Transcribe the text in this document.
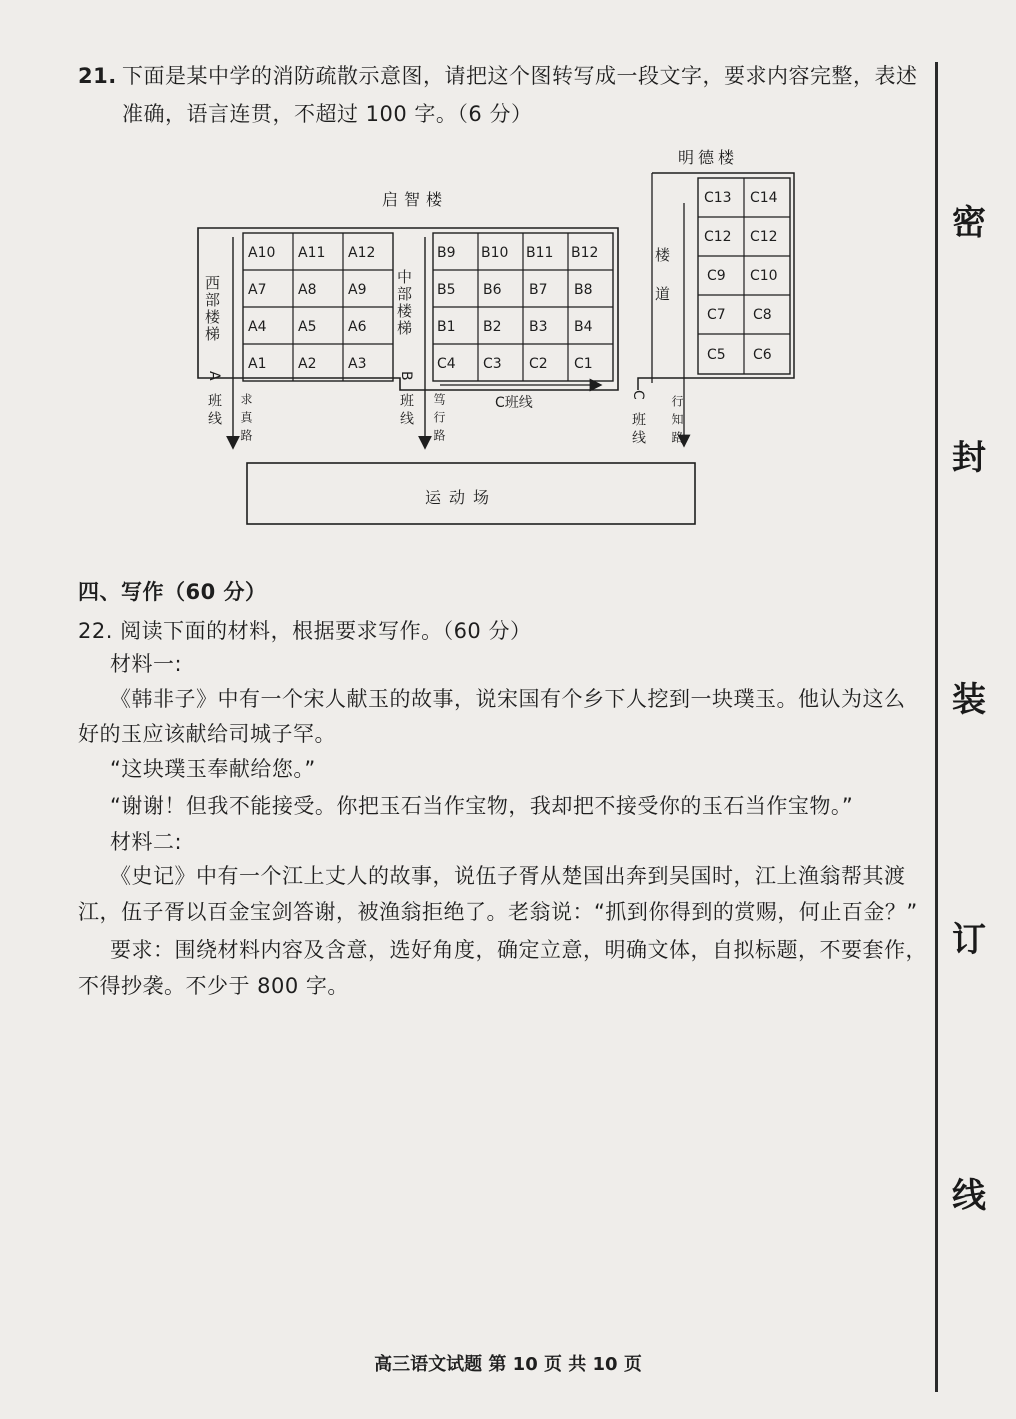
21. 下面是某中学的消防疏散示意图，请把这个图转写成一段文字，要求内容完整，表述
准确，语言连贯，不超过 100 字。（6 分）
启智楼
明德楼
西部楼梯	中部楼梯
A 班线	B 班线
求真路	笃行路	行知路
A10 A11 A12
A7 A8 A9
A4 A5 A6
A1 A2 A3
B9 B10 B11 B12
B5 B6 B7 B8
B1 B2 B3 B4
C4 C3 C2 C1
C班线
楼道
C13 C14
C12 C12
C9 C10
C7 C8
C5 C6
C 班线
运动场
四、写作（60 分）
22. 阅读下面的材料，根据要求写作。（60 分）
材料一:
《韩非子》中有一个宋人献玉的故事，说宋国有个乡下人挖到一块璞玉。他认为这么
好的玉应该献给司城子罕。
“这块璞玉奉献给您。”
“谢谢！但我不能接受。你把玉石当作宝物，我却把不接受你的玉石当作宝物。”
材料二:
《史记》中有一个江上丈人的故事，说伍子胥从楚国出奔到吴国时，江上渔翁帮其渡
江，伍子胥以百金宝剑答谢，被渔翁拒绝了。老翁说：“抓到你得到的赏赐，何止百金？”
要求：围绕材料内容及含意，选好角度，确定立意，明确文体，自拟标题，不要套作，
不得抄袭。不少于 800 字。
密
封
装
订
线
高三语文试题 第 10 页 共 10 页
